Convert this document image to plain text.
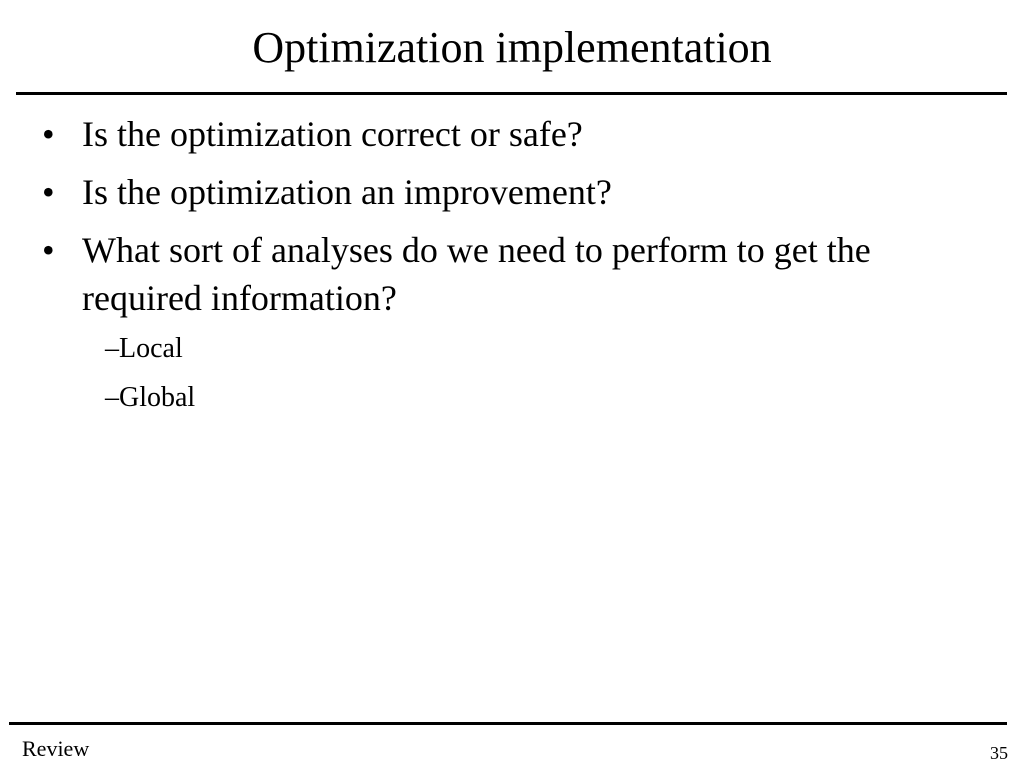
Optimization implementation
• Is the optimization correct or safe?
• Is the optimization an improvement?
• What sort of analyses do we need to perform to get the required information?
–Local
–Global
Review	35
